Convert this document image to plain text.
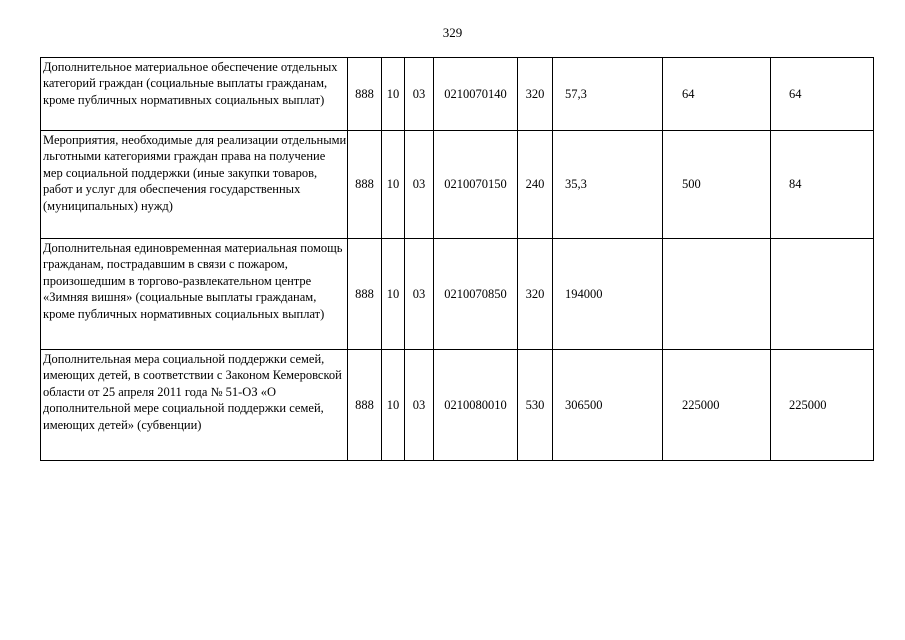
329
Дополнительное материальное обеспечение отдельных категорий граждан (социальные выплаты гражданам, кроме публичных нормативных социальных выплат)	888	10	03	0210070140	320	57,3	64	64
Мероприятия, необходимые для реализации отдельными льготными категориями граждан права на получение мер социальной поддержки (иные закупки товаров, работ и услуг для обеспечения государственных (муниципальных) нужд)	888	10	03	0210070150	240	35,3	500	84
Дополнительная единовременная материальная помощь гражданам, пострадавшим в связи с пожаром, произошедшим в торгово-развлекательном центре «Зимняя вишня» (социальные выплаты гражданам, кроме публичных нормативных социальных выплат)	888	10	03	0210070850	320	194000		
Дополнительная мера социальной поддержки семей, имеющих детей, в соответствии с Законом Кемеровской области от 25 апреля 2011 года № 51-ОЗ «О дополнительной мере социальной поддержки семей, имеющих детей» (субвенции)	888	10	03	0210080010	530	306500	225000	225000
